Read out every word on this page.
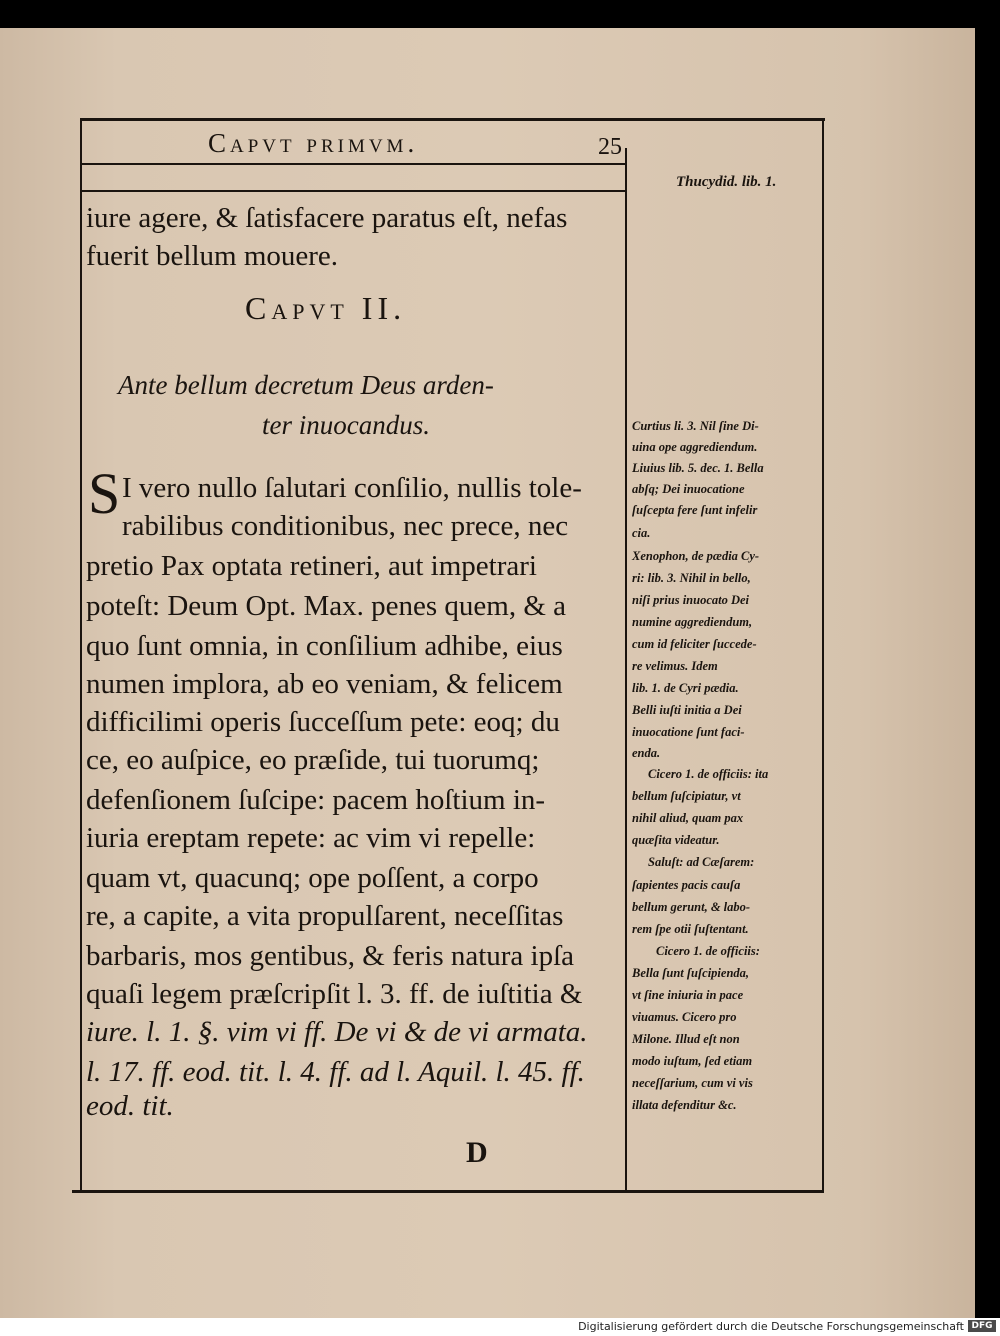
Capvt primvm.	25
Thucydid. lib. 1.
iure agere, & ſatisfacere paratus eſt, nefas
fuerit bellum mouere.
Capvt II.
Ante bellum decretum Deus arden-
ter inuocandus.
S I vero nullo ſalutari conſilio, nullis tole-
rabilibus conditionibus, nec prece, nec
pretio Pax optata retineri, aut impetrari
poteſt: Deum Opt. Max. penes quem, & a
quo ſunt omnia, in conſilium adhibe, eius
numen implora, ab eo veniam, & felicem
difficilimi operis ſucceſſum pete: eoq; du
ce, eo auſpice, eo præſide, tui tuorumq;
defenſionem ſuſcipe: pacem hoſtium in-
iuria ereptam repete: ac vim vi repelle:
quam vt, quacunq; ope poſſent, a corpo
re, a capite, a vita propulſarent, neceſſitas
barbaris, mos gentibus, & feris natura ipſa
quaſi legem præſcripſit l. 3. ff. de iuſtitia &
iure. l. 1. §. vim vi ff. De vi & de vi armata.
l. 17. ff. eod. tit. l. 4. ff. ad l. Aquil. l. 45. ff.
eod. tit.
Curtius li. 3. Nil ſine Di-
uina ope aggrediendum.
Liuius lib. 5. dec. 1. Bella
abſq; Dei inuocatione
ſuſcepta fere ſunt infelir
cia.
Xenophon, de pædia Cy-
ri: lib. 3. Nihil in bello,
niſi prius inuocato Dei
numine aggrediendum,
cum id feliciter ſuccede-
re velimus. Idem
lib. 1. de Cyri pædia.
Belli iuſti initia a Dei
inuocatione ſunt faci-
enda.
Cicero 1. de officiis: ita
bellum ſuſcipiatur, vt
nihil aliud, quam pax
quæſita videatur.
Saluſt: ad Cæſarem:
ſapientes pacis cauſa
bellum gerunt, & labo-
rem ſpe otii ſuſtentant.
Cicero 1. de officiis:
Bella ſunt ſuſcipienda,
vt ſine iniuria in pace
viuamus. Cicero pro
Milone. Illud eſt non
modo iuſtum, ſed etiam
neceſſarium, cum vi vis
illata defenditur &c.
D
Digitalisierung gefördert durch die Deutsche Forschungsgemeinschaft DFG
